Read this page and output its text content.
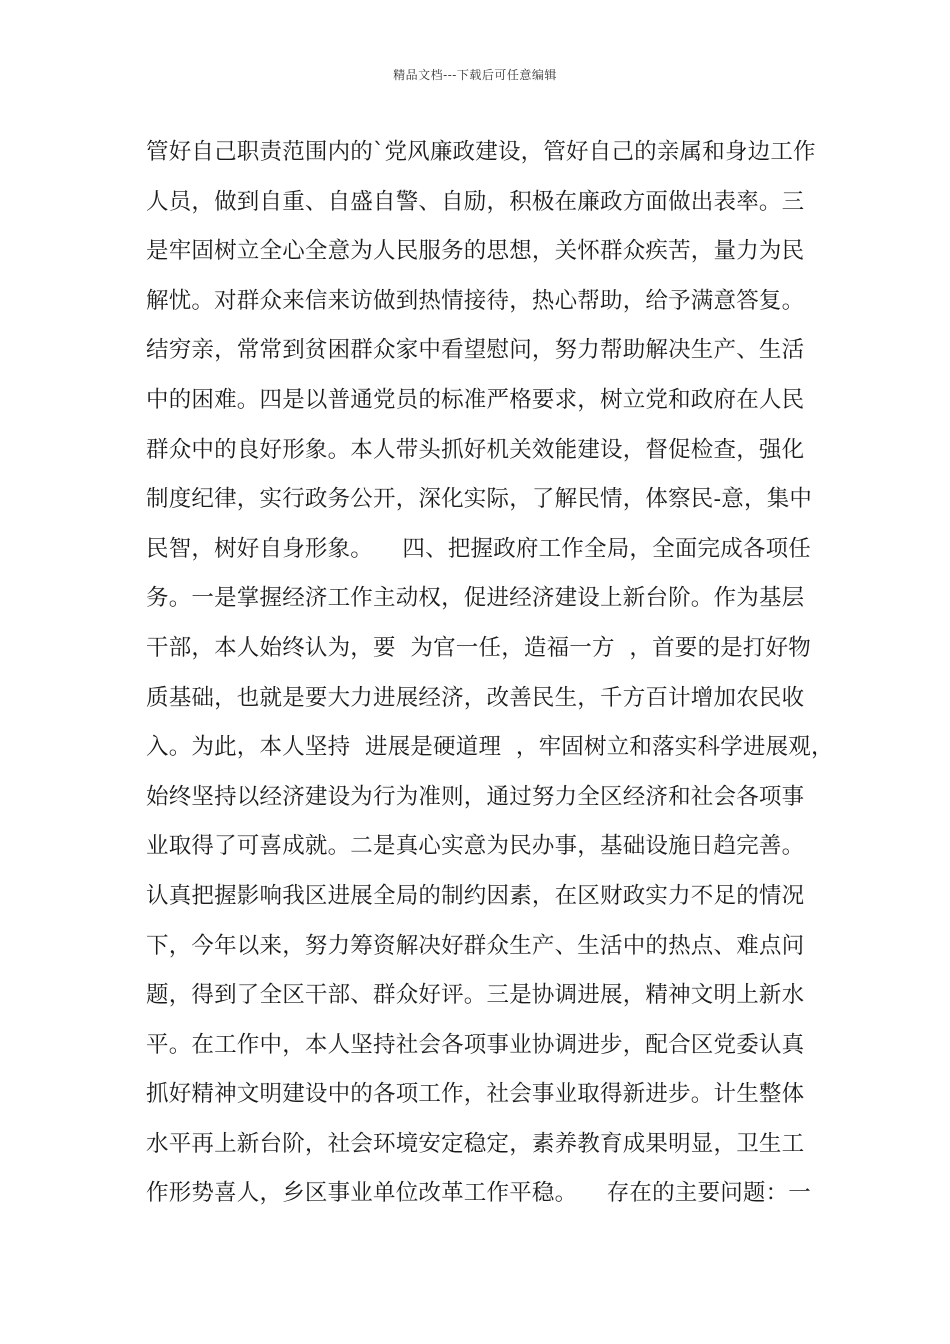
精品文档---下载后可任意编辑
管好自己职责范围内的`党风廉政建设，管好自己的亲属和身边工作
人员，做到自重、自盛自警、自励，积极在廉政方面做出表率。三
是牢固树立全心全意为人民服务的思想，关怀群众疾苦，量力为民
解忧。对群众来信来访做到热情接待，热心帮助，给予满意答复。
结穷亲，常常到贫困群众家中看望慰问，努力帮助解决生产、生活
中的困难。四是以普通党员的标准严格要求，树立党和政府在人民
群众中的良好形象。本人带头抓好机关效能建设，督促检查，强化
制度纪律，实行政务公开，深化实际，了解民情，体察民-意，集中
民智，树好自身形象。    四、把握政府工作全局，全面完成各项任
务。一是掌握经济工作主动权，促进经济建设上新台阶。作为基层
干部，本人始终认为，要  为官一任，造福一方  ，首要的是打好物
质基础，也就是要大力进展经济，改善民生，千方百计增加农民收
入。为此，本人坚持  进展是硬道理  ，牢固树立和落实科学进展观，
始终坚持以经济建设为行为准则，通过努力全区经济和社会各项事
业取得了可喜成就。二是真心实意为民办事，基础设施日趋完善。
认真把握影响我区进展全局的制约因素，在区财政实力不足的情况
下，今年以来，努力筹资解决好群众生产、生活中的热点、难点问
题，得到了全区干部、群众好评。三是协调进展，精神文明上新水
平。在工作中，本人坚持社会各项事业协调进步，配合区党委认真
抓好精神文明建设中的各项工作，社会事业取得新进步。计生整体
水平再上新台阶，社会环境安定稳定，素养教育成果明显，卫生工
作形势喜人，乡区事业单位改革工作平稳。    存在的主要问题：一
